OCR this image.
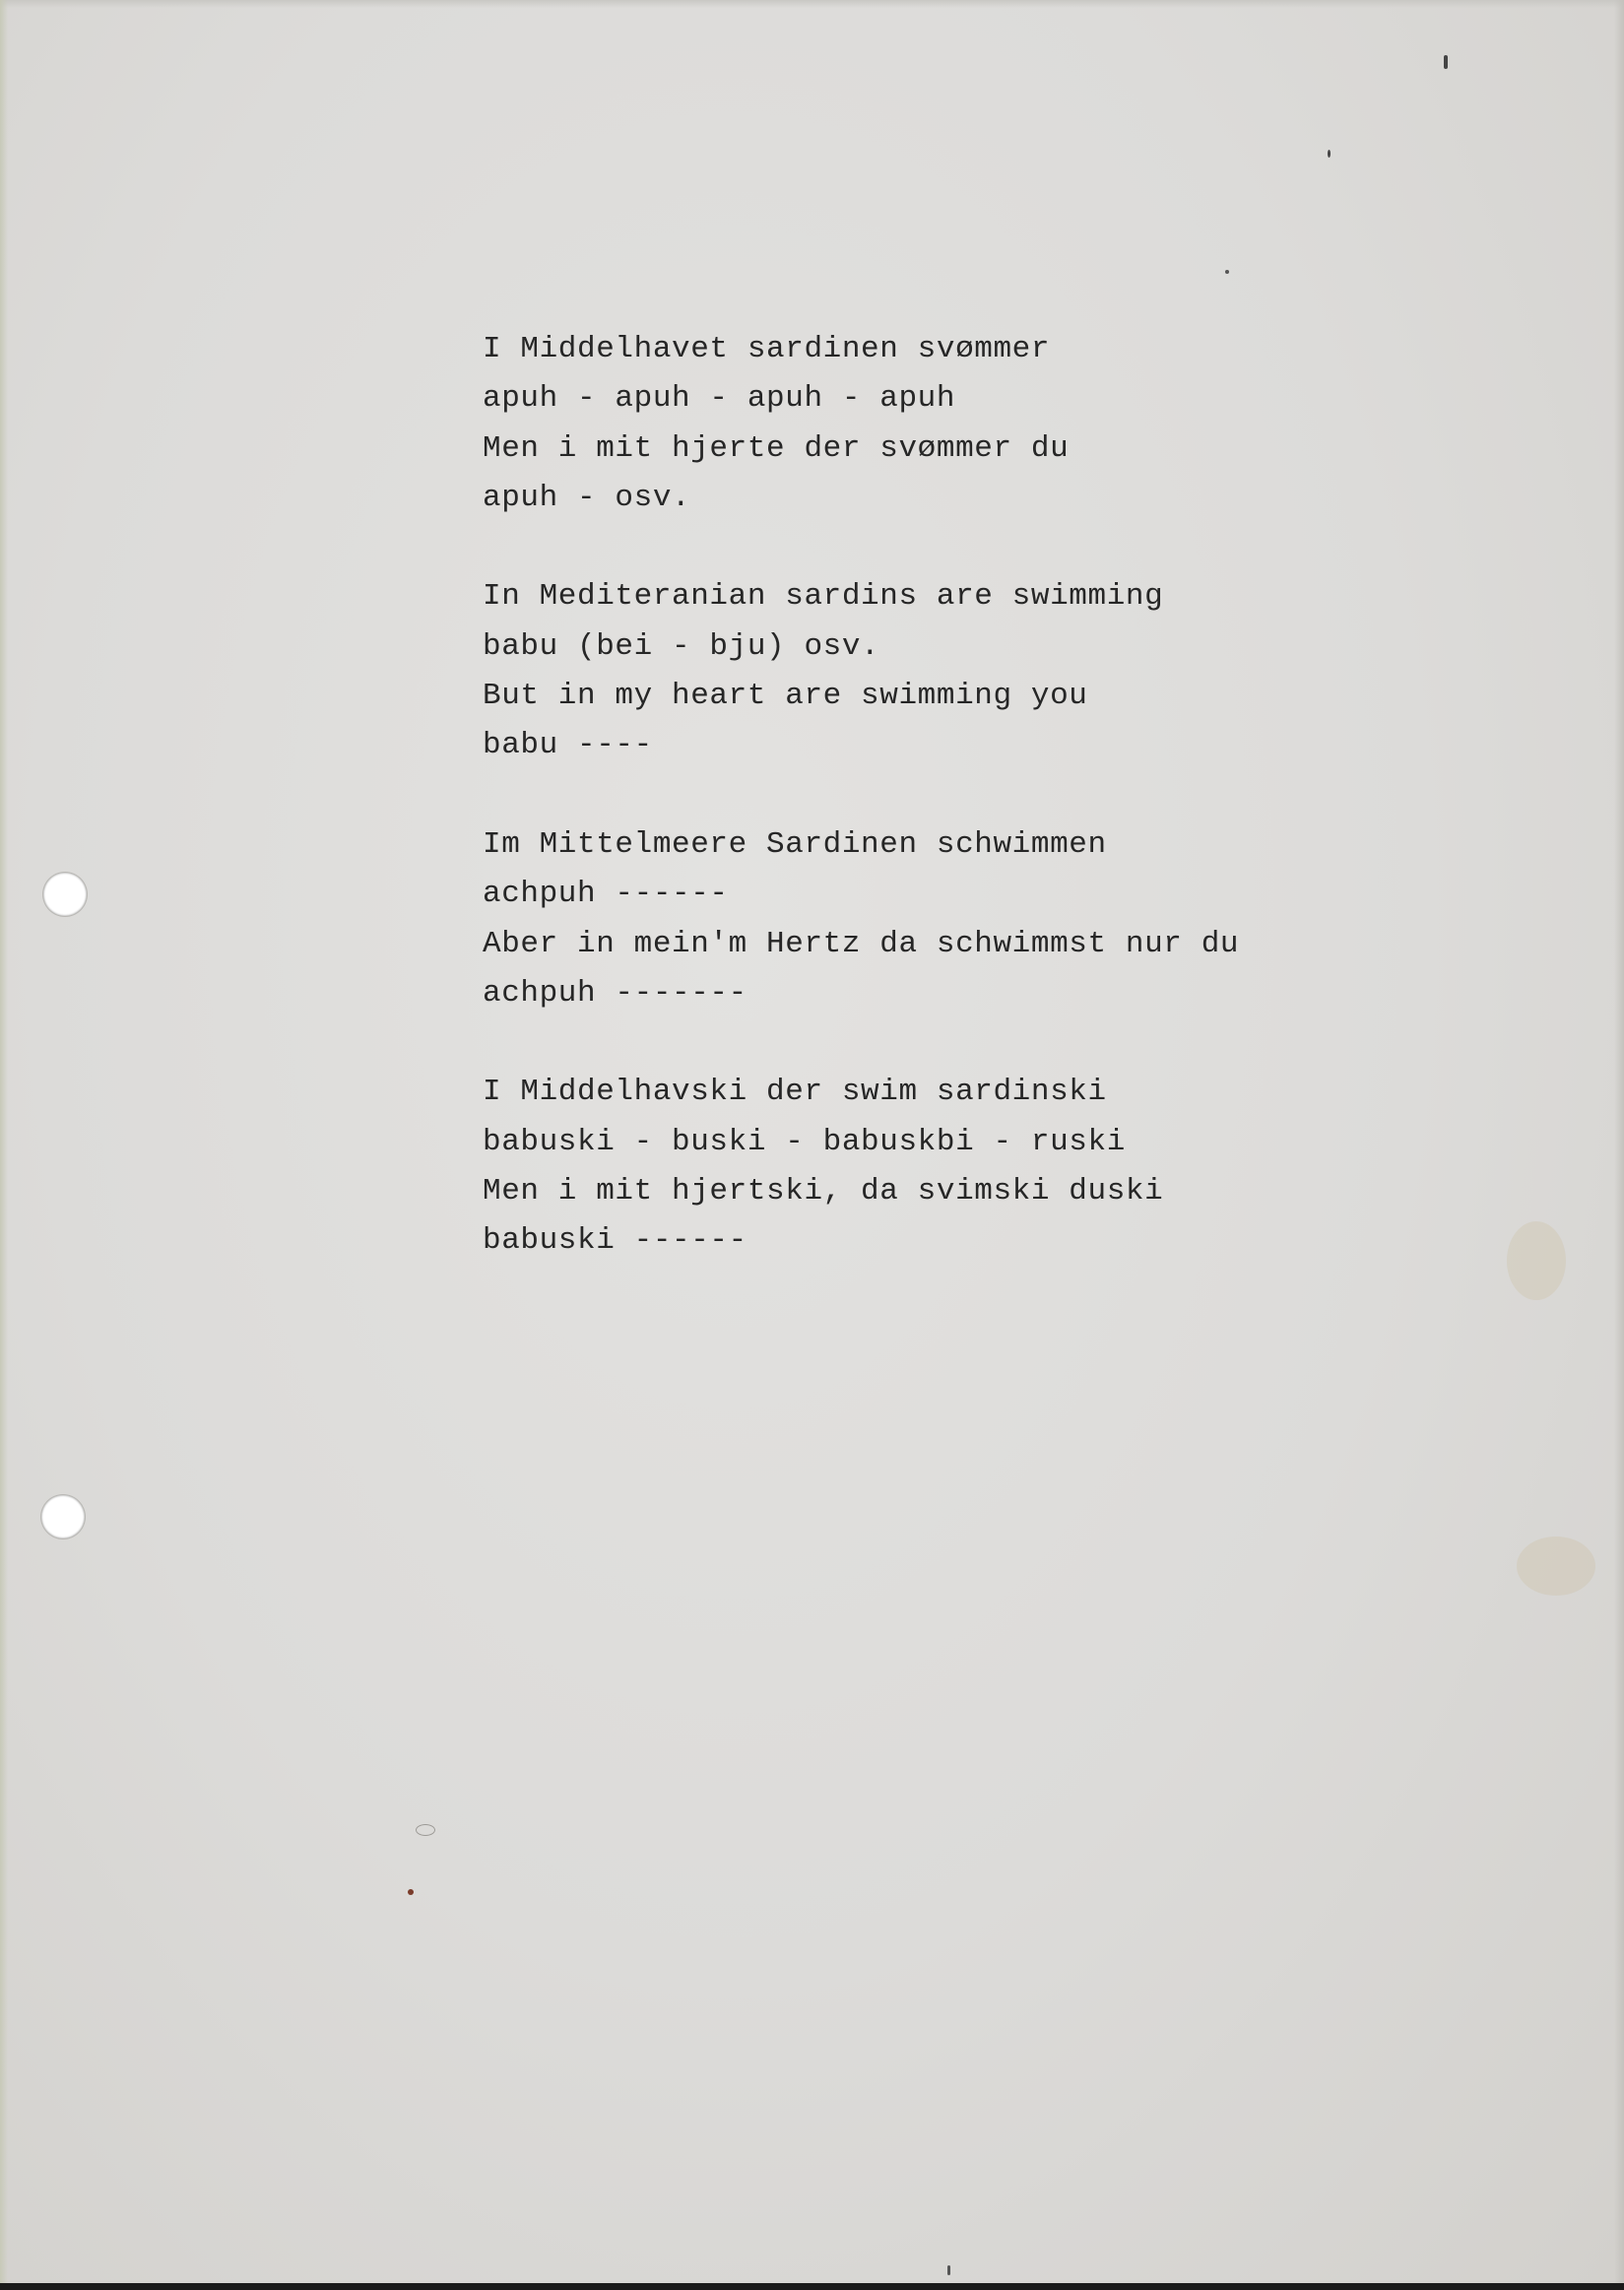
I Middelhavet sardinen svømmer
apuh - apuh - apuh - apuh
Men i mit hjerte der svømmer du
apuh - osv.
In Mediteranian sardins are swimming
babu (bei - bju) osv.
But in my heart are swimming you
babu ----
Im Mittelmeere Sardinen schwimmen
achpuh ------
Aber in mein'm Hertz da schwimmst nur du
achpuh -------
I Middelhavski der swim sardinski
babuski - buski - babuskbi - ruski
Men i mit hjertski, da svimski duski
babuski ------
